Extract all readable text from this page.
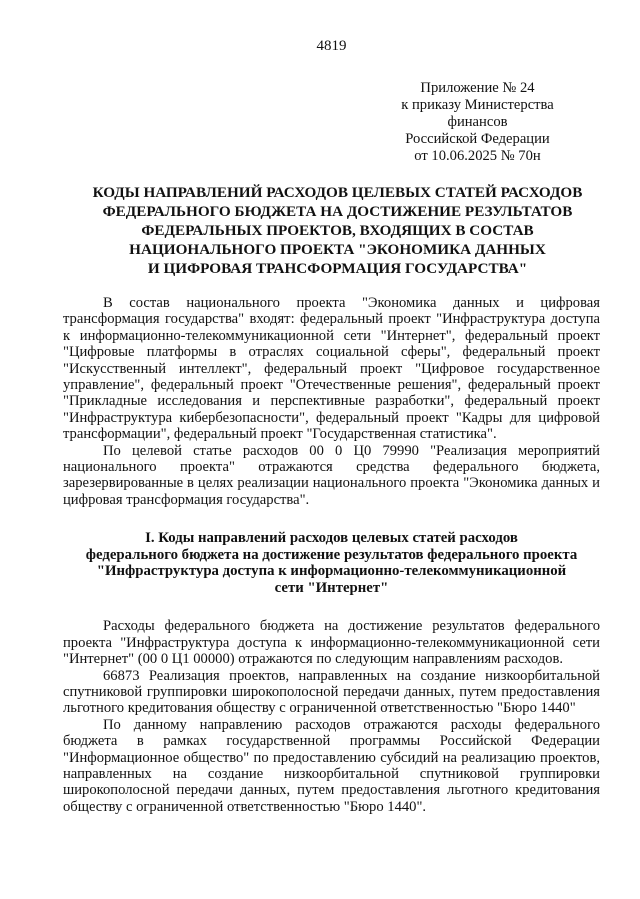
4819
Приложение № 24
к приказу Министерства финансов
Российской Федерации
от 10.06.2025 № 70н
КОДЫ НАПРАВЛЕНИЙ РАСХОДОВ ЦЕЛЕВЫХ СТАТЕЙ РАСХОДОВ
ФЕДЕРАЛЬНОГО БЮДЖЕТА НА ДОСТИЖЕНИЕ РЕЗУЛЬТАТОВ
ФЕДЕРАЛЬНЫХ ПРОЕКТОВ, ВХОДЯЩИХ В СОСТАВ
НАЦИОНАЛЬНОГО ПРОЕКТА "ЭКОНОМИКА ДАННЫХ
И ЦИФРОВАЯ ТРАНСФОРМАЦИЯ ГОСУДАРСТВА"

В состав национального проекта "Экономика данных и цифровая трансформация государства" входят: федеральный проект "Инфраструктура доступа к информационно-телекоммуникационной сети "Интернет", федеральный проект "Цифровые платформы в отраслях социальной сферы", федеральный проект "Искусственный интеллект", федеральный проект "Цифровое государственное управление", федеральный проект "Отечественные решения", федеральный проект "Прикладные исследования и перспективные разработки", федеральный проект "Инфраструктура кибербезопасности", федеральный проект "Кадры для цифровой трансформации", федеральный проект "Государственная статистика".

По целевой статье расходов 00 0 Ц0 79990 "Реализация мероприятий национального проекта" отражаются средства федерального бюджета, зарезервированные в целях реализации национального проекта "Экономика данных и цифровая трансформация государства".

I. Коды направлений расходов целевых статей расходов
федерального бюджета на достижение результатов федерального проекта
"Инфраструктура доступа к информационно-телекоммуникационной
сети "Интернет"

Расходы федерального бюджета на достижение результатов федерального проекта "Инфраструктура доступа к информационно-телекоммуникационной сети "Интернет" (00 0 Ц1 00000) отражаются по следующим направлениям расходов.

66873 Реализация проектов, направленных на создание низкоорбитальной спутниковой группировки широкополосной передачи данных, путем предоставления льготного кредитования обществу с ограниченной ответственностью "Бюро 1440"

По данному направлению расходов отражаются расходы федерального бюджета в рамках государственной программы Российской Федерации "Информационное общество" по предоставлению субсидий на реализацию проектов, направленных на создание низкоорбитальной спутниковой группировки широкополосной передачи данных, путем предоставления льготного кредитования обществу с ограниченной ответственностью "Бюро 1440".
